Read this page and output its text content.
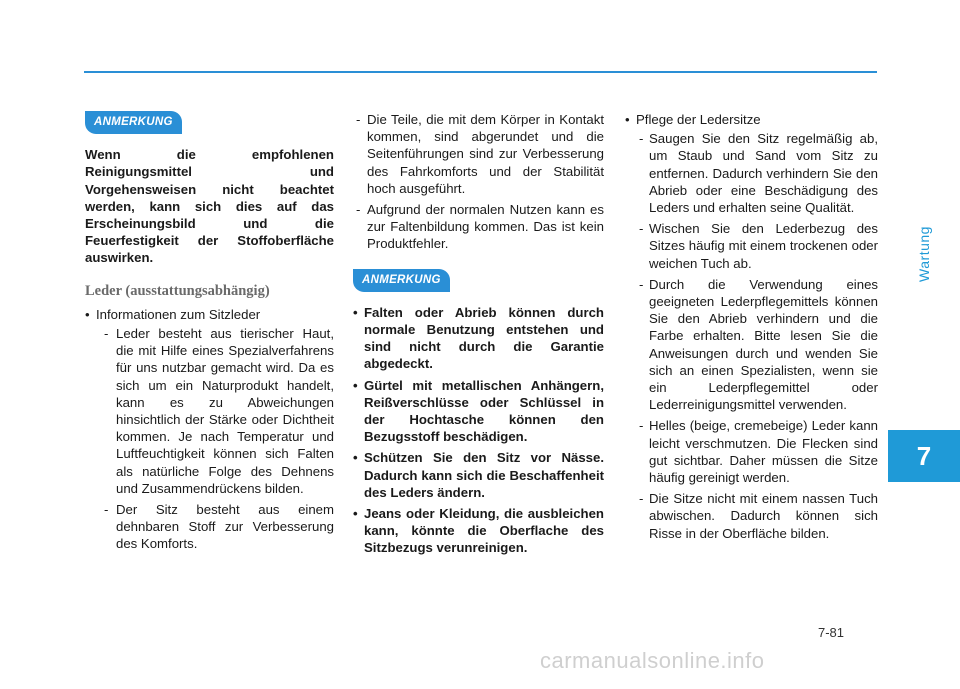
Wartung
7
ANMERKUNG
Wenn die empfohlenen Reinigungsmittel und Vorgehensweisen nicht beachtet werden, kann sich dies auf das Erscheinungsbild und die Feuerfestigkeit der Stoffoberfläche auswirken.
Leder (ausstattungsabhängig)
• Informationen zum Sitzleder
- Leder besteht aus tierischer Haut, die mit Hilfe eines Spezialverfahrens für uns nutzbar gemacht wird. Da es sich um ein Naturprodukt handelt, kann es zu Abweichungen hinsichtlich der Stärke oder Dichtheit kommen. Je nach Temperatur und Luftfeuchtigkeit können sich Falten als natürliche Folge des Dehnens und Zusammendrückens bilden.
- Der Sitz besteht aus einem dehnbaren Stoff zur Verbesserung des Komforts.
- Die Teile, die mit dem Körper in Kontakt kommen, sind abgerundet und die Seitenführungen sind zur Verbesserung des Fahrkomforts und der Stabilität hoch ausgeführt.
- Aufgrund der normalen Nutzen kann es zur Faltenbildung kommen. Das ist kein Produktfehler.
ANMERKUNG
• Falten oder Abrieb können durch normale Benutzung entstehen und sind nicht durch die Garantie abgedeckt.
• Gürtel mit metallischen Anhängern, Reißverschlüsse oder Schlüssel in der Hochtasche können den Bezugsstoff beschädigen.
• Schützen Sie den Sitz vor Nässe. Dadurch kann sich die Beschaffenheit des Leders ändern.
• Jeans oder Kleidung, die ausbleichen kann, könnte die Oberflache des Sitzbezugs verunreinigen.
• Pflege der Ledersitze
- Saugen Sie den Sitz regelmäßig ab, um Staub und Sand vom Sitz zu entfernen. Dadurch verhindern Sie den Abrieb oder eine Beschädigung des Leders und erhalten seine Qualität.
- Wischen Sie den Lederbezug des Sitzes häufig mit einem trockenen oder weichen Tuch ab.
- Durch die Verwendung eines geeigneten Lederpflegemittels können Sie den Abrieb verhindern und die Farbe erhalten. Bitte lesen Sie die Anweisungen durch und wenden Sie sich an einen Spezialisten, wenn sie ein Lederpflegemittel oder Lederreinigungsmittel verwenden.
- Helles (beige, cremebeige) Leder kann leicht verschmutzen. Die Flecken sind gut sichtbar. Daher müssen die Sitze häufig gereinigt werden.
- Die Sitze nicht mit einem nassen Tuch abwischen. Dadurch können sich Risse in der Oberfläche bilden.
7-81
carmanualsonline.info
